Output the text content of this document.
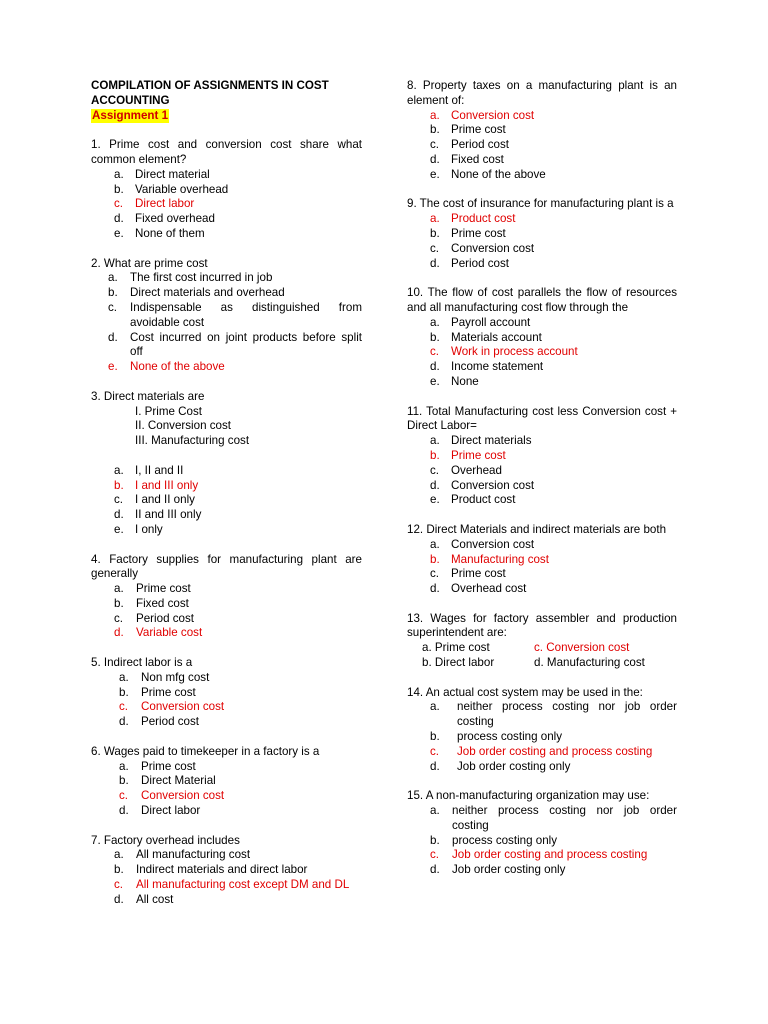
COMPILATION OF ASSIGNMENTS IN COST ACCOUNTING
Assignment 1
1. Prime cost and conversion cost share what common element?
a. Direct material
b. Variable overhead
c.	Direct labor
d. Fixed overhead
e. None of them
2. What are prime cost
a.	The first cost incurred in job
b.	Direct materials and overhead
c.	Indispensable as distinguished from avoidable cost
d.	Cost incurred on joint products before split off
e.	None of the above
3. Direct materials are
I. Prime Cost
II. Conversion cost
III. Manufacturing cost
a. I, II and II
b. I and III only
c.	I and II only
d. II and III only
e. I only
4. Factory supplies for manufacturing plant are generally
a.	Prime cost
b.	Fixed cost
c.	Period cost
d.	Variable cost
5. Indirect labor is a
a.	Non mfg cost
b.	Prime cost
c.	Conversion cost
d.	Period cost
6. Wages paid to timekeeper in a factory is a
a.	Prime cost
b.	Direct Material
c.	Conversion cost
d.	Direct labor
7. Factory overhead includes
a.	All manufacturing cost
b.	Indirect materials and direct labor
c.	All manufacturing cost except DM and DL
d.	All cost
8. Property taxes on a manufacturing plant is an element of:
a. Conversion cost
b. Prime cost
c.	Period cost
d. Fixed cost
e. None of the above
9. The cost of insurance for manufacturing plant is a
a. Product cost
b. Prime cost
c.	Conversion cost
d. Period cost
10. The flow of cost parallels the flow of resources and all manufacturing cost flow through the
a. Payroll account
b. Materials account
c.	Work in process account
d. Income statement
e. None
11. Total Manufacturing cost less Conversion cost + Direct Labor=
a. Direct materials
b. Prime cost
c.	Overhead
d. Conversion cost
e. Product cost
12. Direct Materials and indirect materials are both
a. Conversion cost
b. Manufacturing cost
c.	Prime cost
d. Overhead cost
13. Wages for factory assembler and production superintendent are:
a. Prime cost	c. Conversion cost
b. Direct labor	d. Manufacturing cost
14. An actual cost system may be used in the:
a.	neither process costing nor job order costing
b.	process costing only
c.	Job order costing and process costing
d.	Job order costing only
15. A non-manufacturing organization may use:
a.	neither process costing nor job order costing
b.	process costing only
c.	Job order costing and process costing
d.	Job order costing only
